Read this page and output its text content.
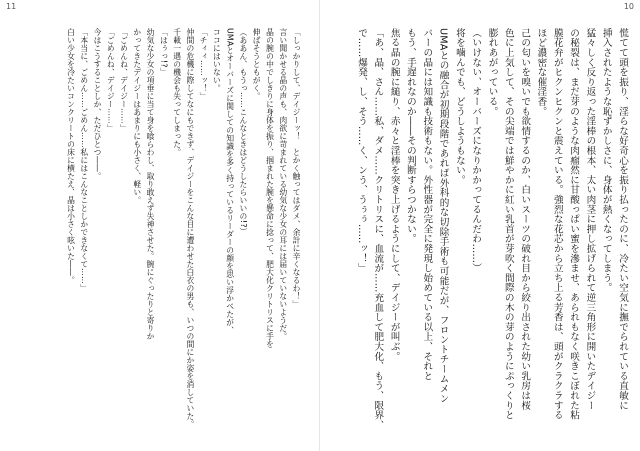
11
「しっかりして、デイジーッ！　とかく触ってはダメ、余計に辛くなるわ！」
言い聞かせる晶の声も、肉欲に苛まれている幼気な少女の耳には届いていないようだ。
晶の腕の中でしきりに身体を振り、掴まれた腕を懸命に捻って、肥大化クリトリスに手を
伸ばそうともがく。
（ああん、もうっ……こんなときはどうしたらいいの!?）
UMAとオーバーズに関しての知識を多く持っているリーダーの顔を思い浮かべたが、
ココにはいない。
「チィィ……ッ！」
仲間の危機に際してなにもできず、デイジーをこんな目に遭わせた白衣の男も、いつの間にか姿を消していた。
千載一遇の機会も失ってしまった。
「はぅっ!?」
幼気な少女の項垂に当て身を喰らわし、取り敢えず失神させた。腕にぐったりと寄りか
かってきたデイジーはあまりにも小さく、軽い。
「ごめんね、デイジー……」
「ごめんね、デイジー……」
今はこうすることしか、ただひとつ――。
「本当に、ごめん……ごめん……私にはこんなことしかできなくて……」
白い少女を冷たいコンクリートの床に横たえ、晶は小さく呟いた――。
10
慌てて頭を振り、淫らな好奇心を振り払ったのに、冷たい空気に撫でられている直敏に
挿入されたような恥ずかしさに、身体が熱くなってしまう。
猛々しく反り返った淫棒の根本、太い肉茎に押し拡げられて逆三角形に開いたデイジー
の秘裂は、まだ芽のような肉瘤然に甘酸っぱい蜜を滲ませ、あられもなく咲きこぼれた粘
膜花弁がヒクンヒクンと震えている。強烈な花芯から立ち上る芳香は、頭がクラクラする
ほど濃密な催淫香。
己の匂いを嗅いでも欲情するのか、白いスーツの破れ目から絞り出された幼い乳房は桜
色に上気して、その尖端では鮮やかに紅い乳首が芽吹く間際の木の芽のようにぷっくりと
膨れあがっている。
（いけない、オーバーズになりかかってるんだわ……）
将を噛んでも、どうしようもない。
UMAとの融合が初期段階であれば外科的な切除手術も可能だが、フロントチームメン
バーの晶には知識も技術もない。外性器が完全に発現し始めている以上、それと
もう、手遅れなのか――その判断すらつかない。
焦る晶の腕に縋り、赤々と淫棒を突き上げるようにして、デイジーが叫ぶ。
「あ、晶、さん……私、ダメ……クリトリスに、血流が……充血して肥大化、もう、限界、
で……爆発、し、そう……く、ンう、うぅぅ……ッ！」
